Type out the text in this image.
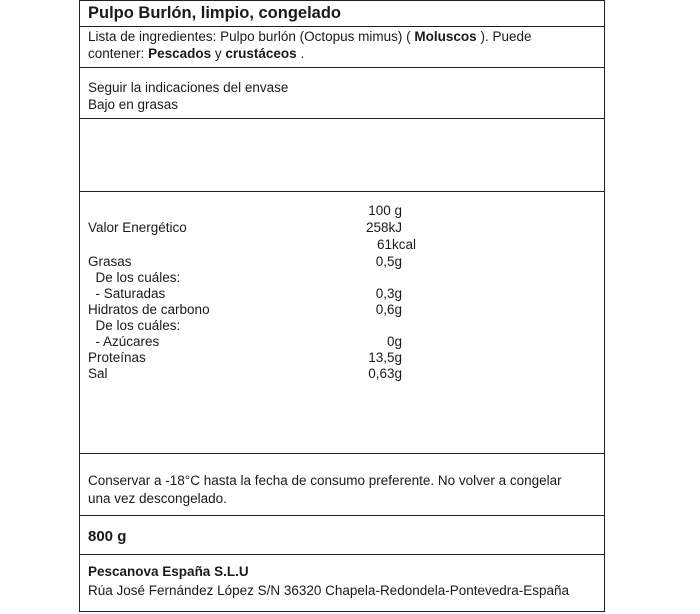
Pulpo Burlón, limpio, congelado
Lista de ingredientes: Pulpo burlón (Octopus mimus) ( Moluscos ). Puede
contener: Pescados y crustáceos .
Seguir la indicaciones del envase
Bajo en grasas
100 g
Valor Energético	258kJ
61kcal
Grasas	0,5g
De los cuáles:
- Saturadas	0,3g
Hidratos de carbono	0,6g
De los cuáles:
- Azúcares	0g
Proteínas	13,5g
Sal	0,63g
Conservar a -18°C hasta la fecha de consumo preferente. No volver a congelar
una vez descongelado.
800 g
Pescanova España S.L.U
Rúa José Fernández López S/N 36320 Chapela-Redondela-Pontevedra-España
